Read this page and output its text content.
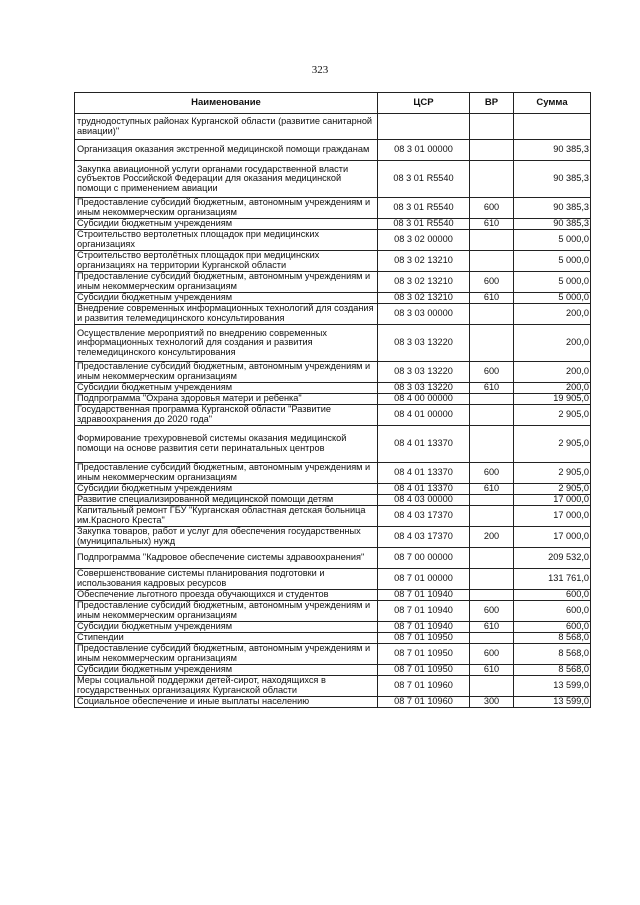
323
Наименование	ЦСР	ВР	Сумма
труднодоступных районах Курганской области (развитие санитарной авиации)"			
Организация оказания экстренной медицинской помощи гражданам	08 3 01 00000		90 385,3
Закупка авиационной услуги органами государственной власти субъектов Российской Федерации для оказания медицинской помощи с применением авиации	08 3 01 R5540		90 385,3
Предоставление субсидий бюджетным, автономным учреждениям и иным некоммерческим организациям	08 3 01 R5540	600	90 385,3
Субсидии бюджетным учреждениям	08 3 01 R5540	610	90 385,3
Строительство вертолетных площадок при медицинских организациях	08 3 02 00000		5 000,0
Строительство вертолётных площадок при медицинских организациях на территории Курганской области	08 3 02 13210		5 000,0
Предоставление субсидий бюджетным, автономным учреждениям и иным некоммерческим организациям	08 3 02 13210	600	5 000,0
Субсидии бюджетным учреждениям	08 3 02 13210	610	5 000,0
Внедрение современных информационных технологий для создания и развития телемедицинского консультирования	08 3 03 00000		200,0
Осуществление мероприятий по внедрению современных информационных технологий для создания и развития телемедицинского консультирования	08 3 03 13220		200,0
Предоставление субсидий бюджетным, автономным учреждениям и иным некоммерческим организациям	08 3 03 13220	600	200,0
Субсидии бюджетным учреждениям	08 3 03 13220	610	200,0
Подпрограмма "Охрана здоровья матери и ребенка"	08 4 00 00000		19 905,0
Государственная программа Курганской области "Развитие здравоохранения до 2020 года"	08 4 01 00000		2 905,0
Формирование трехуровневой системы оказания медицинской помощи на основе развития сети перинатальных центров	08 4 01 13370		2 905,0
Предоставление субсидий бюджетным, автономным учреждениям и иным некоммерческим организациям	08 4 01 13370	600	2 905,0
Субсидии бюджетным учреждениям	08 4 01 13370	610	2 905,0
Развитие специализированной медицинской помощи детям	08 4 03 00000		17 000,0
Капитальный ремонт ГБУ "Курганская областная детская больница им.Красного Креста"	08 4 03 17370		17 000,0
Закупка товаров, работ и услуг для обеспечения государственных (муниципальных) нужд	08 4 03 17370	200	17 000,0
Подпрограмма "Кадровое обеспечение системы здравоохранения"	08 7 00 00000		209 532,0
Совершенствование системы планирования подготовки и использования кадровых ресурсов	08 7 01 00000		131 761,0
Обеспечение льготного проезда обучающихся и студентов	08 7 01 10940		600,0
Предоставление субсидий бюджетным, автономным учреждениям и иным некоммерческим организациям	08 7 01 10940	600	600,0
Субсидии бюджетным учреждениям	08 7 01 10940	610	600,0
Стипендии	08 7 01 10950		8 568,0
Предоставление субсидий бюджетным, автономным учреждениям и иным некоммерческим организациям	08 7 01 10950	600	8 568,0
Субсидии бюджетным учреждениям	08 7 01 10950	610	8 568,0
Меры социальной поддержки детей-сирот, находящихся в государственных организациях Курганской области	08 7 01 10960		13 599,0
Социальное обеспечение и иные выплаты населению	08 7 01 10960	300	13 599,0
